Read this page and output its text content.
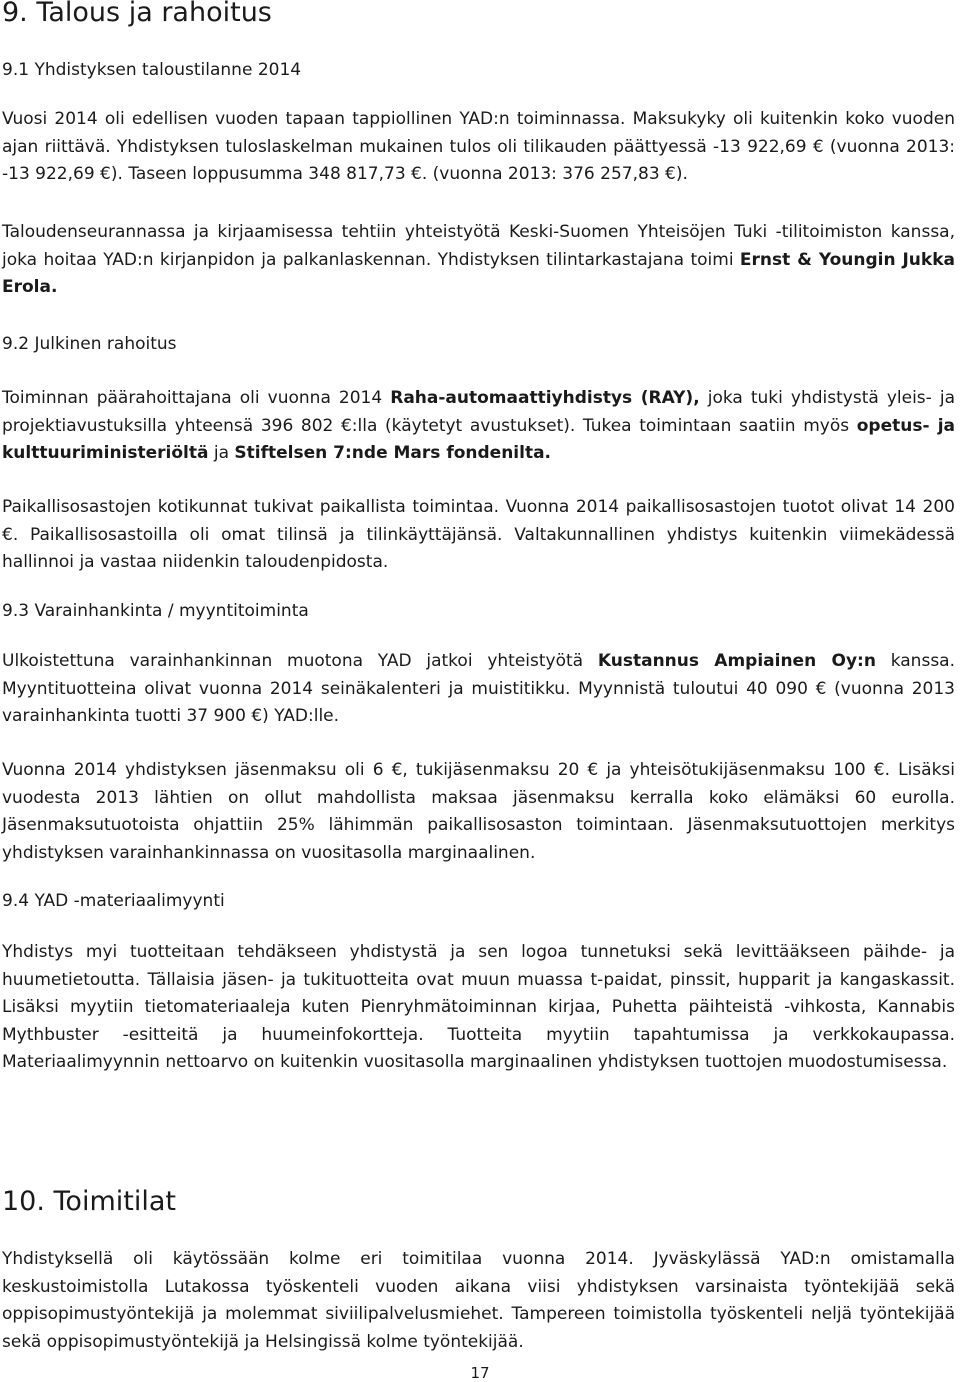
9. Talous ja rahoitus
9.1 Yhdistyksen taloustilanne 2014

Vuosi 2014 oli edellisen vuoden tapaan tappiollinen YAD:n toiminnassa. Maksukyky oli kuitenkin koko vuoden ajan riittävä. Yhdistyksen tuloslaskelman mukainen tulos oli tilikauden päättyessä -13 922,69 € (vuonna 2013: -13 922,69 €). Taseen loppusumma 348 817,73 €. (vuonna 2013: 376 257,83 €).

Taloudenseurannassa ja kirjaamisessa tehtiin yhteistyötä Keski-Suomen Yhteisöjen Tuki -tilitoimiston kanssa, joka hoitaa YAD:n kirjanpidon ja palkanlaskennan. Yhdistyksen tilintarkastajana toimi Ernst & Youngin Jukka Erola.

9.2 Julkinen rahoitus

Toiminnan päärahoittajana oli vuonna 2014 Raha-automaattiyhdistys (RAY), joka tuki yhdistystä yleis- ja projektiavustuksilla yhteensä 396 802 €:lla (käytetyt avustukset). Tukea toimintaan saatiin myös opetus- ja kulttuuriministeriöltä ja Stiftelsen 7:nde Mars fondenilta.

Paikallisosastojen kotikunnat tukivat paikallista toimintaa. Vuonna 2014 paikallisosastojen tuotot olivat 14 200 €. Paikallisosastoilla oli omat tilinsä ja tilinkäyttäjänsä. Valtakunnallinen yhdistys kuitenkin viimekädessä hallinnoi ja vastaa niidenkin taloudenpidosta.

9.3 Varainhankinta / myyntitoiminta

Ulkoistettuna varainhankinnan muotona YAD jatkoi yhteistyötä Kustannus Ampiainen Oy:n kanssa. Myyntituotteina olivat vuonna 2014 seinäkalenteri ja muistitikku. Myynnistä tuloutui 40 090 € (vuonna 2013 varainhankinta tuotti 37 900 €) YAD:lle.

Vuonna 2014 yhdistyksen jäsenmaksu oli 6 €, tukijäsenmaksu 20 € ja yhteisötukijäsenmaksu 100 €. Lisäksi vuodesta 2013 lähtien on ollut mahdollista maksaa jäsenmaksu kerralla koko elämäksi 60 eurolla. Jäsenmaksutuotoista ohjattiin 25% lähimmän paikallisosaston toimintaan. Jäsenmaksutuottojen merkitys yhdistyksen varainhankinnassa on vuositasolla marginaalinen.

9.4 YAD -materiaalimyynti

Yhdistys myi tuotteitaan tehdäkseen yhdistystä ja sen logoa tunnetuksi sekä levittääkseen päihde- ja huumetietoutta. Tällaisia jäsen- ja tukituotteita ovat muun muassa t-paidat, pinssit, hupparit ja kangaskassit. Lisäksi myytiin tietomateriaaleja kuten Pienryhmätoiminnan kirjaa, Puhetta päihteistä -vihkosta, Kannabis Mythbuster -esitteitä ja huumeinfokortteja. Tuotteita myytiin tapahtumissa ja verkkokaupassa. Materiaalimyynnin nettoarvo on kuitenkin vuositasolla marginaalinen yhdistyksen tuottojen muodostumisessa.

10. Toimitilat

Yhdistyksellä oli käytössään kolme eri toimitilaa vuonna 2014. Jyväskylässä YAD:n omistamalla keskustoimistolla Lutakossa työskenteli vuoden aikana viisi yhdistyksen varsinaista työntekijää sekä oppisopimustyöntekijä ja molemmat siviilipalvelusmiehet. Tampereen toimistolla työskenteli neljä työntekijää sekä oppisopimustyöntekijä ja Helsingissä kolme työntekijää.

17
